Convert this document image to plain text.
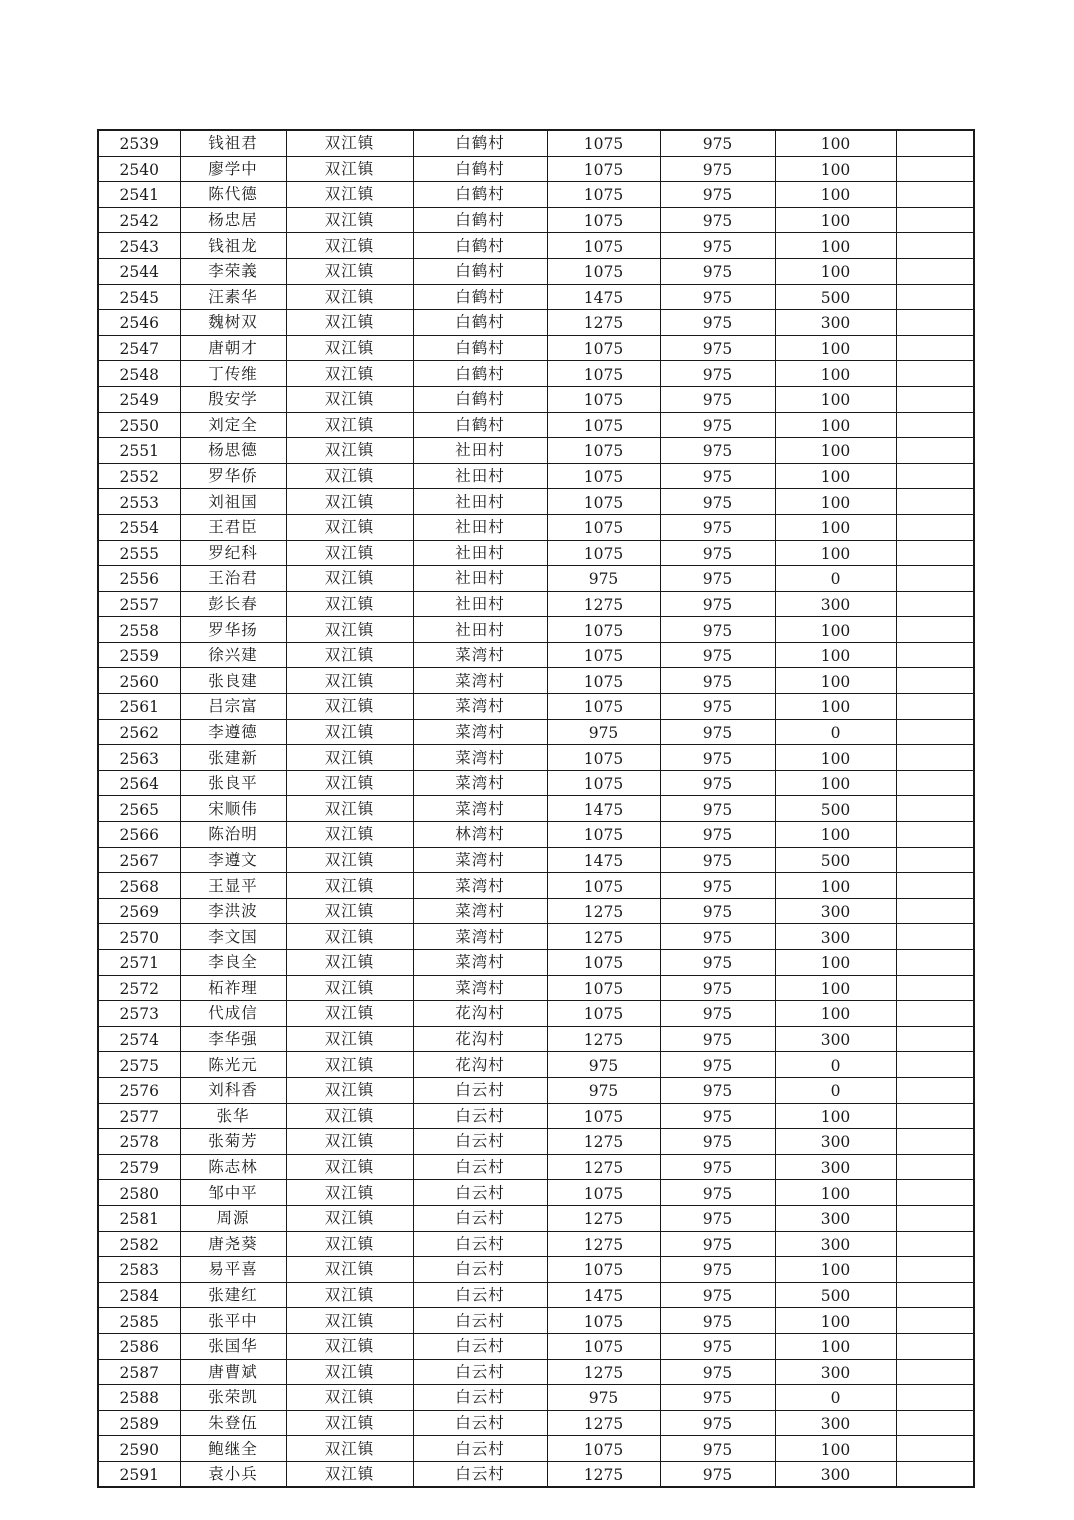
2539	钱祖君	双江镇	白鹤村	1075	975	100	
2540	廖学中	双江镇	白鹤村	1075	975	100	
2541	陈代德	双江镇	白鹤村	1075	975	100	
2542	杨忠居	双江镇	白鹤村	1075	975	100	
2543	钱祖龙	双江镇	白鹤村	1075	975	100	
2544	李荣義	双江镇	白鹤村	1075	975	100	
2545	汪素华	双江镇	白鹤村	1475	975	500	
2546	魏树双	双江镇	白鹤村	1275	975	300	
2547	唐朝才	双江镇	白鹤村	1075	975	100	
2548	丁传维	双江镇	白鹤村	1075	975	100	
2549	殷安学	双江镇	白鹤村	1075	975	100	
2550	刘定全	双江镇	白鹤村	1075	975	100	
2551	杨思德	双江镇	社田村	1075	975	100	
2552	罗华侨	双江镇	社田村	1075	975	100	
2553	刘祖国	双江镇	社田村	1075	975	100	
2554	王君臣	双江镇	社田村	1075	975	100	
2555	罗纪科	双江镇	社田村	1075	975	100	
2556	王治君	双江镇	社田村	975	975	0	
2557	彭长春	双江镇	社田村	1275	975	300	
2558	罗华扬	双江镇	社田村	1075	975	100	
2559	徐兴建	双江镇	菜湾村	1075	975	100	
2560	张良建	双江镇	菜湾村	1075	975	100	
2561	吕宗富	双江镇	菜湾村	1075	975	100	
2562	李遵德	双江镇	菜湾村	975	975	0	
2563	张建新	双江镇	菜湾村	1075	975	100	
2564	张良平	双江镇	菜湾村	1075	975	100	
2565	宋顺伟	双江镇	菜湾村	1475	975	500	
2566	陈治明	双江镇	林湾村	1075	975	100	
2567	李遵文	双江镇	菜湾村	1475	975	500	
2568	王显平	双江镇	菜湾村	1075	975	100	
2569	李洪波	双江镇	菜湾村	1275	975	300	
2570	李文国	双江镇	菜湾村	1275	975	300	
2571	李良全	双江镇	菜湾村	1075	975	100	
2572	柘祚理	双江镇	菜湾村	1075	975	100	
2573	代成信	双江镇	花沟村	1075	975	100	
2574	李华强	双江镇	花沟村	1275	975	300	
2575	陈光元	双江镇	花沟村	975	975	0	
2576	刘科香	双江镇	白云村	975	975	0	
2577	张华	双江镇	白云村	1075	975	100	
2578	张菊芳	双江镇	白云村	1275	975	300	
2579	陈志林	双江镇	白云村	1275	975	300	
2580	邹中平	双江镇	白云村	1075	975	100	
2581	周源	双江镇	白云村	1275	975	300	
2582	唐尧葵	双江镇	白云村	1275	975	300	
2583	易平喜	双江镇	白云村	1075	975	100	
2584	张建红	双江镇	白云村	1475	975	500	
2585	张平中	双江镇	白云村	1075	975	100	
2586	张国华	双江镇	白云村	1075	975	100	
2587	唐曹斌	双江镇	白云村	1275	975	300	
2588	张荣凯	双江镇	白云村	975	975	0	
2589	朱登伍	双江镇	白云村	1275	975	300	
2590	鲍继全	双江镇	白云村	1075	975	100	
2591	袁小兵	双江镇	白云村	1275	975	300	
